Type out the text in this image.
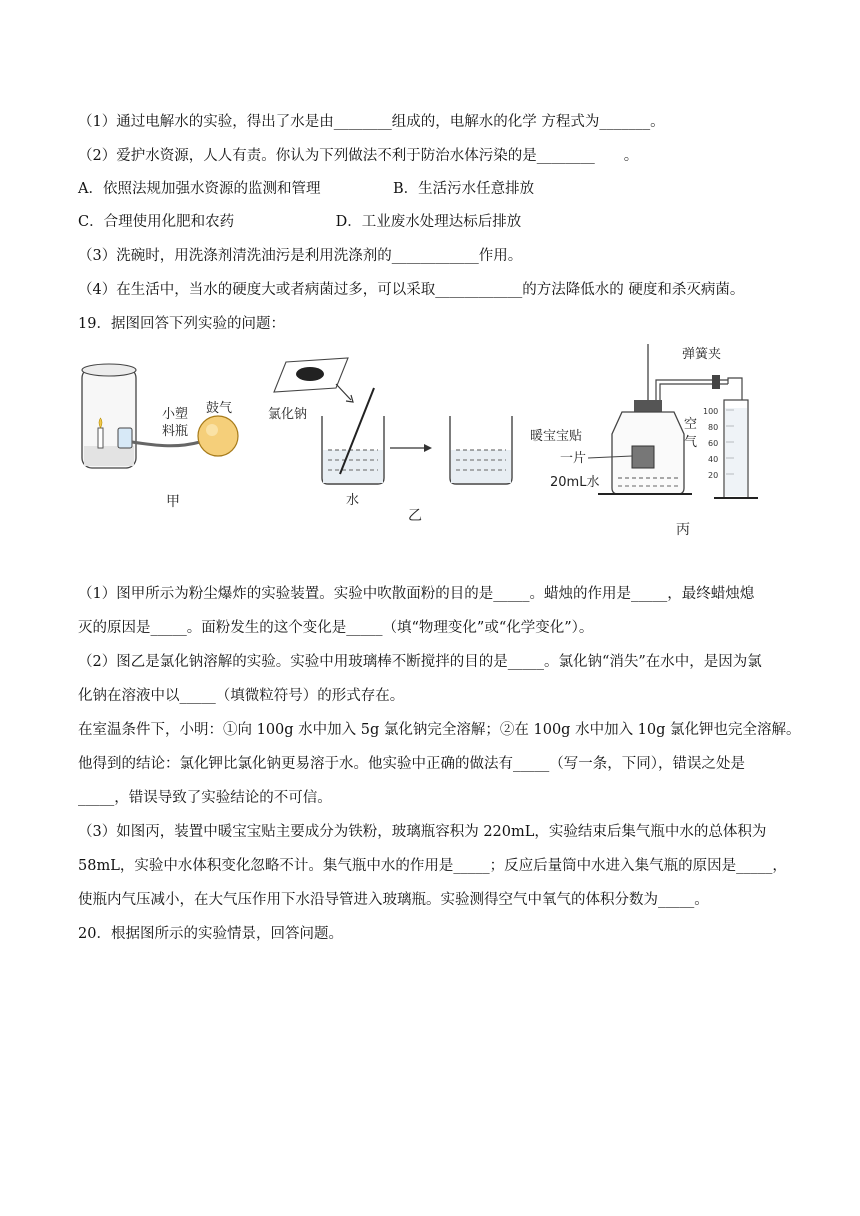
（1）通过电解水的实验，得出了水是由________组成的，电解水的化学 方程式为_______。
（2）爱护水资源，人人有责。你认为下列做法不利于防治水体污染的是________　　。
A．依照法规加强水资源的监测和管理　　　　　B．生活污水任意排放
C．合理使用化肥和农药　　　　　　　D．工业废水处理达标后排放
（3）洗碗时，用洗涤剂清洗油污是利用洗涤剂的____________作用。
（4）在生活中，当水的硬度大或者病菌过多，可以采取____________的方法降低水的 硬度和杀灭病菌。
19．据图回答下列实验的问题：
小塑
料瓶
鼓气
甲
氯化钠
水
乙
100
80
60
40
20
弹簧夹
空
气
暖宝宝贴
一片
20mL水
丙
（1）图甲所示为粉尘爆炸的实验装置。实验中吹散面粉的目的是_____。蜡烛的作用是_____，最终蜡烛熄
灭的原因是_____。面粉发生的这个变化是_____（填“物理变化”或“化学变化”）。
（2）图乙是氯化钠溶解的实验。实验中用玻璃棒不断搅拌的目的是_____。氯化钠“消失”在水中，是因为氯
化钠在溶液中以_____（填微粒符号）的形式存在。
在室温条件下，小明：①向 100g 水中加入 5g 氯化钠完全溶解；②在 100g 水中加入 10g 氯化钾也完全溶解。
他得到的结论：氯化钾比氯化钠更易溶于水。他实验中正确的做法有_____（写一条，下同），错误之处是
_____，错误导致了实验结论的不可信。
（3）如图丙，装置中暖宝宝贴主要成分为铁粉，玻璃瓶容积为 220mL，实验结束后集气瓶中水的总体积为
58mL，实验中水体积变化忽略不计。集气瓶中水的作用是_____；反应后量筒中水进入集气瓶的原因是_____，
使瓶内气压减小，在大气压作用下水沿导管进入玻璃瓶。实验测得空气中氧气的体积分数为_____。
20．根据图所示的实验情景，回答问题。
